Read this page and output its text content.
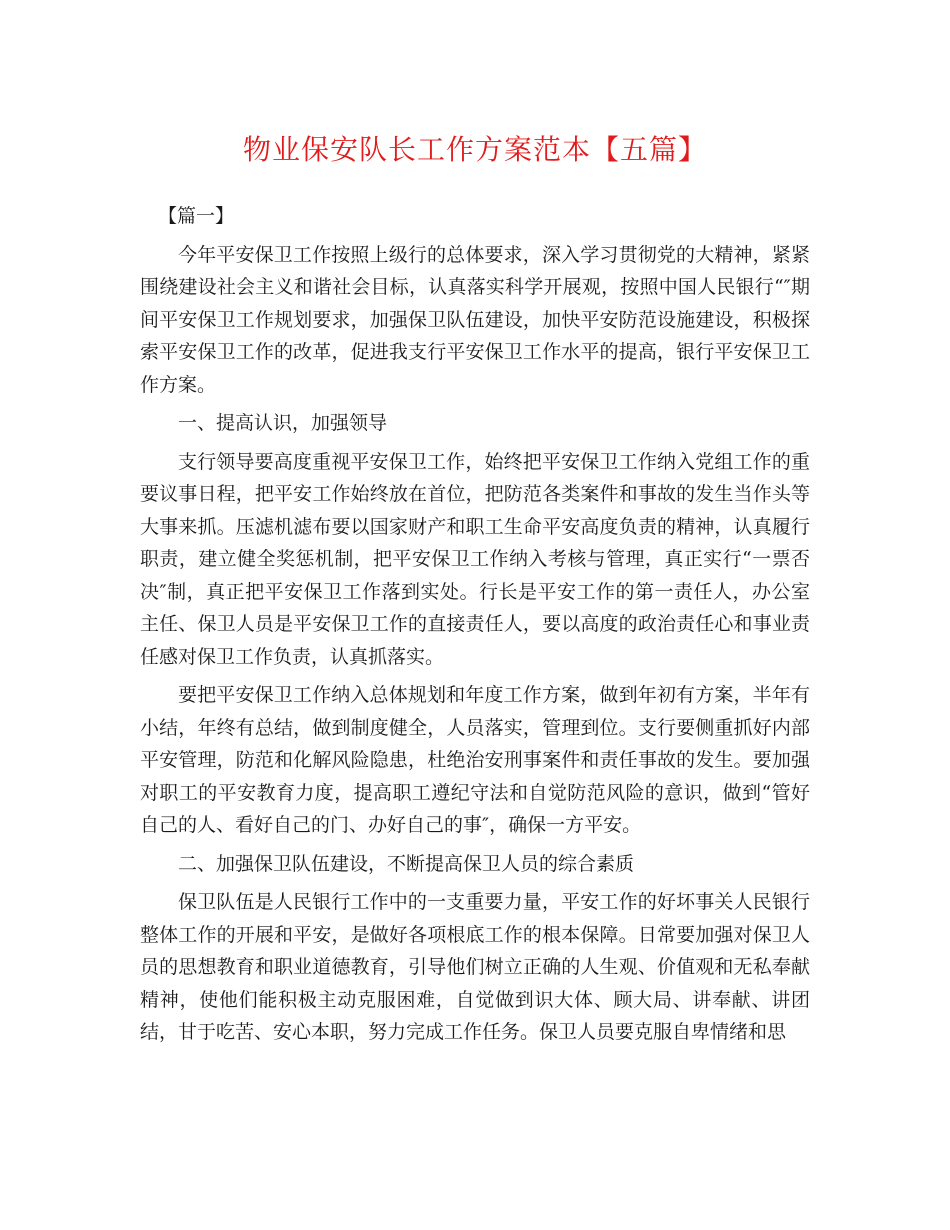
物业保安队长工作方案范本【五篇】

【篇一】

今年平安保卫工作按照上级行的总体要求，深入学习贯彻党的大精神，紧紧围绕建设社会主义和谐社会目标，认真落实科学开展观，按照中国人民银行“″期间平安保卫工作规划要求，加强保卫队伍建设，加快平安防范设施建设，积极探索平安保卫工作的改革，促进我支行平安保卫工作水平的提高，银行平安保卫工作方案。

一、提高认识，加强领导

支行领导要高度重视平安保卫工作，始终把平安保卫工作纳入党组工作的重要议事日程，把平安工作始终放在首位，把防范各类案件和事故的发生当作头等大事来抓。压滤机滤布要以国家财产和职工生命平安高度负责的精神，认真履行职责，建立健全奖惩机制，把平安保卫工作纳入考核与管理，真正实行“一票否决″制，真正把平安保卫工作落到实处。行长是平安工作的第一责任人，办公室主任、保卫人员是平安保卫工作的直接责任人，要以高度的政治责任心和事业责任感对保卫工作负责，认真抓落实。

要把平安保卫工作纳入总体规划和年度工作方案，做到年初有方案，半年有小结，年终有总结，做到制度健全，人员落实，管理到位。支行要侧重抓好内部平安管理，防范和化解风险隐患，杜绝治安刑事案件和责任事故的发生。要加强对职工的平安教育力度，提高职工遵纪守法和自觉防范风险的意识，做到“管好自己的人、看好自己的门、办好自己的事″，确保一方平安。

二、加强保卫队伍建设，不断提高保卫人员的综合素质

保卫队伍是人民银行工作中的一支重要力量，平安工作的好坏事关人民银行整体工作的开展和平安，是做好各项根底工作的根本保障。日常要加强对保卫人员的思想教育和职业道德教育，引导他们树立正确的人生观、价值观和无私奉献精神，使他们能积极主动克服困难，自觉做到识大体、顾大局、讲奉献、讲团结，甘于吃苦、安心本职，努力完成工作任务。保卫人员要克服自卑情绪和思
